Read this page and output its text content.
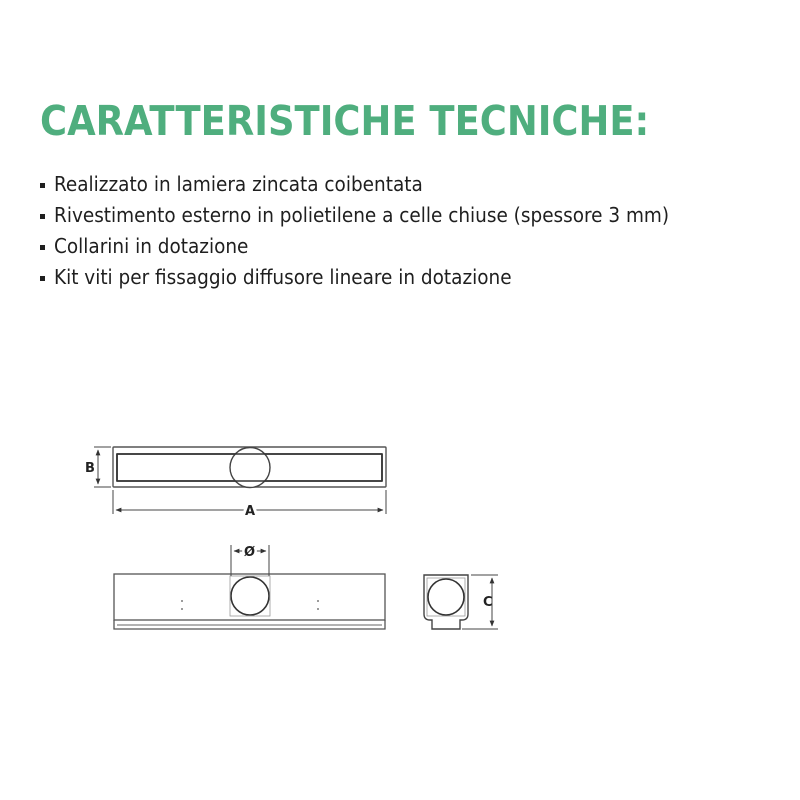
CARATTERISTICHE TECNICHE:
Realizzato in lamiera zincata coibentata
Rivestimento esterno in polietilene a celle chiuse (spessore 3 mm)
Collarini in dotazione
Kit viti per fissaggio diffusore lineare in dotazione
B
A
Ø
C
